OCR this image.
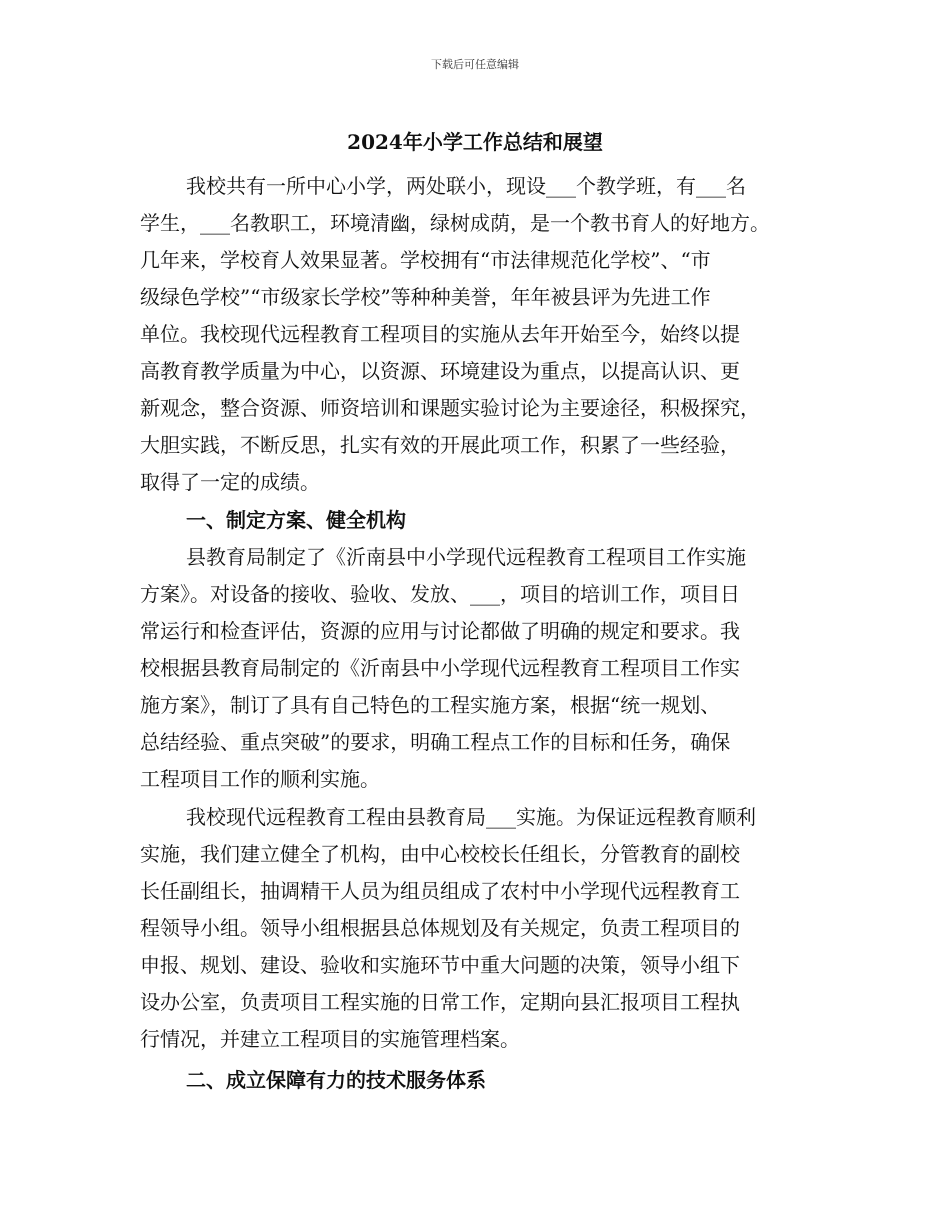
下载后可任意编辑
2024年小学工作总结和展望
我校共有一所中心小学，两处联小，现设___个教学班，有___名
学生，___名教职工，环境清幽，绿树成荫，是一个教书育人的好地方。
几年来，学校育人效果显著。学校拥有“市法律规范化学校”、“市
级绿色学校”“市级家长学校”等种种美誉，年年被县评为先进工作
单位。我校现代远程教育工程项目的实施从去年开始至今，始终以提
高教育教学质量为中心，以资源、环境建设为重点，以提高认识、更
新观念，整合资源、师资培训和课题实验讨论为主要途径，积极探究，
大胆实践，不断反思，扎实有效的开展此项工作，积累了一些经验，
取得了一定的成绩。
一、制定方案、健全机构
县教育局制定了《沂南县中小学现代远程教育工程项目工作实施
方案》。对设备的接收、验收、发放、___，项目的培训工作，项目日
常运行和检查评估，资源的应用与讨论都做了明确的规定和要求。我
校根据县教育局制定的《沂南县中小学现代远程教育工程项目工作实
施方案》，制订了具有自己特色的工程实施方案，根据“统一规划、
总结经验、重点突破”的要求，明确工程点工作的目标和任务，确保
工程项目工作的顺利实施。
我校现代远程教育工程由县教育局___实施。为保证远程教育顺利
实施，我们建立健全了机构，由中心校校长任组长，分管教育的副校
长任副组长，抽调精干人员为组员组成了农村中小学现代远程教育工
程领导小组。领导小组根据县总体规划及有关规定，负责工程项目的
申报、规划、建设、验收和实施环节中重大问题的决策，领导小组下
设办公室，负责项目工程实施的日常工作，定期向县汇报项目工程执
行情况，并建立工程项目的实施管理档案。
二、成立保障有力的技术服务体系
